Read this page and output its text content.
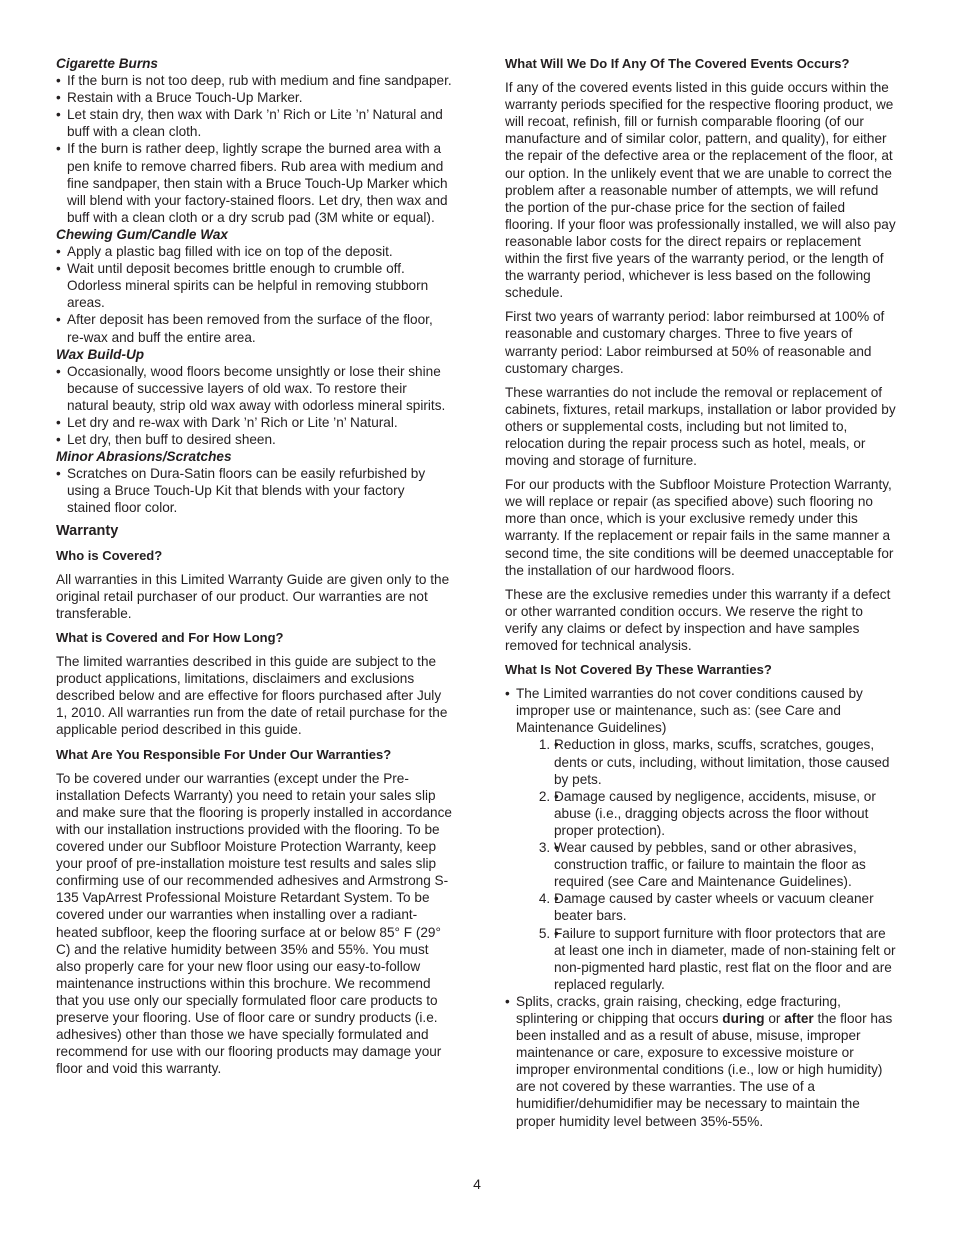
Cigarette Burns
• If the burn is not too deep, rub with medium and fine sandpaper.
• Restain with a Bruce Touch-Up Marker.
• Let stain dry, then wax with Dark ’n’ Rich or Lite ’n’ Natural and buff with a clean cloth.
• If the burn is rather deep, lightly scrape the burned area with a pen knife to remove charred fibers. Rub area with medium and fine sandpaper, then stain with a Bruce Touch-Up Marker which will blend with your factory-stained floors. Let dry, then wax and buff with a clean cloth or a dry scrub pad (3M white or equal).
Chewing Gum/Candle Wax
• Apply a plastic bag filled with ice on top of the deposit.
• Wait until deposit becomes brittle enough to crumble off. Odorless mineral spirits can be helpful in removing stubborn areas.
• After deposit has been removed from the surface of the floor, re-wax and buff the entire area.
Wax Build-Up
• Occasionally, wood floors become unsightly or lose their shine because of successive layers of old wax. To restore their natural beauty, strip old wax away with odorless mineral spirits.
• Let dry and re-wax with Dark ’n’ Rich or Lite ’n’ Natural.
• Let dry, then buff to desired sheen.
Minor Abrasions/Scratches
• Scratches on Dura-Satin floors can be easily refurbished by using a Bruce Touch-Up Kit that blends with your factory stained floor color.
Warranty
Who is Covered?

All warranties in this Limited Warranty Guide are given only to the original retail purchaser of our product. Our warranties are not transferable.

What is Covered and For How Long?

The limited warranties described in this guide are subject to the product applications, limitations, disclaimers and exclusions described below and are effective for floors purchased after July 1, 2010. All warranties run from the date of retail purchase for the applicable period described in this guide.

What Are You Responsible For Under Our Warranties?

To be covered under our warranties (except under the Pre-installation Defects Warranty) you need to retain your sales slip and make sure that the flooring is properly installed in accordance with our installation instructions provided with the flooring. To be covered under our Subfloor Moisture Protection Warranty, keep your proof of pre-installation moisture test results and sales slip confirming use of our recommended adhesives and Armstrong S-135 VapArrest Professional Moisture Retardant System. To be covered under our warranties when installing over a radiant-heated subfloor, keep the flooring surface at or below 85° F (29° C) and the relative humidity between 35% and 55%. You must also properly care for your new floor using our easy-to-follow maintenance instructions within this brochure. We recommend that you use only our specially formulated floor care products to preserve your flooring. Use of floor care or sundry products (i.e. adhesives) other than those we have specially formulated and recommend for use with our flooring products may damage your floor and void this warranty.

What Will We Do If Any Of The Covered Events Occurs?

If any of the covered events listed in this guide occurs within the warranty periods specified for the respective flooring product, we will recoat, refinish, fill or furnish comparable flooring (of our manufacture and of similar color, pattern, and quality), for either the repair of the defective area or the replacement of the floor, at our option. In the unlikely event that we are unable to correct the problem after a reasonable number of attempts, we will refund the portion of the pur-chase price for the section of failed flooring. If your floor was professionally installed, we will also pay reasonable labor costs for the direct repairs or replacement within the first five years of the warranty period, or the length of the warranty period, whichever is less based on the following schedule.

First two years of warranty period: labor reimbursed at 100% of reasonable and customary charges. Three to five years of warranty period: Labor reimbursed at 50% of reasonable and customary charges.

These warranties do not include the removal or replacement of cabinets, fixtures, retail markups, installation or labor provided by others or supplemental costs, including but not limited to, relocation during the repair process such as hotel, meals, or moving and storage of furniture.

For our products with the Subfloor Moisture Protection Warranty, we will replace or repair (as specified above) such flooring no more than once, which is your exclusive remedy under this warranty. If the replacement or repair fails in the same manner a second time, the site conditions will be deemed unacceptable for the installation of our hardwood floors.

These are the exclusive remedies under this warranty if a defect or other warranted condition occurs. We reserve the right to verify any claims or defect by inspection and have samples removed for technical analysis.

What Is Not Covered By These Warranties?
• The Limited warranties do not cover conditions caused by improper use or maintenance, such as: (see Care and Maintenance Guidelines)
• 1. Reduction in gloss, marks, scuffs, scratches, gouges, dents or cuts, including, without limitation, those caused by pets.
• 2. Damage caused by negligence, accidents, misuse, or abuse (i.e., dragging objects across the floor without proper protection).
• 3. Wear caused by pebbles, sand or other abrasives, construction traffic, or failure to maintain the floor as required (see Care and Maintenance Guidelines).
• 4. Damage caused by caster wheels or vacuum cleaner beater bars.
• 5. Failure to support furniture with floor protectors that are at least one inch in diameter, made of non-staining felt or non-pigmented hard plastic, rest flat on the floor and are replaced regularly.
• Splits, cracks, grain raising, checking, edge fracturing, splintering or chipping that occurs during or after the floor has been installed and as a result of abuse, misuse, improper maintenance or care, exposure to excessive moisture or improper environmental conditions (i.e., low or high humidity) are not covered by these warranties. The use of a humidifier/dehumidifier may be necessary to maintain the proper humidity level between 35%-55%.
4
